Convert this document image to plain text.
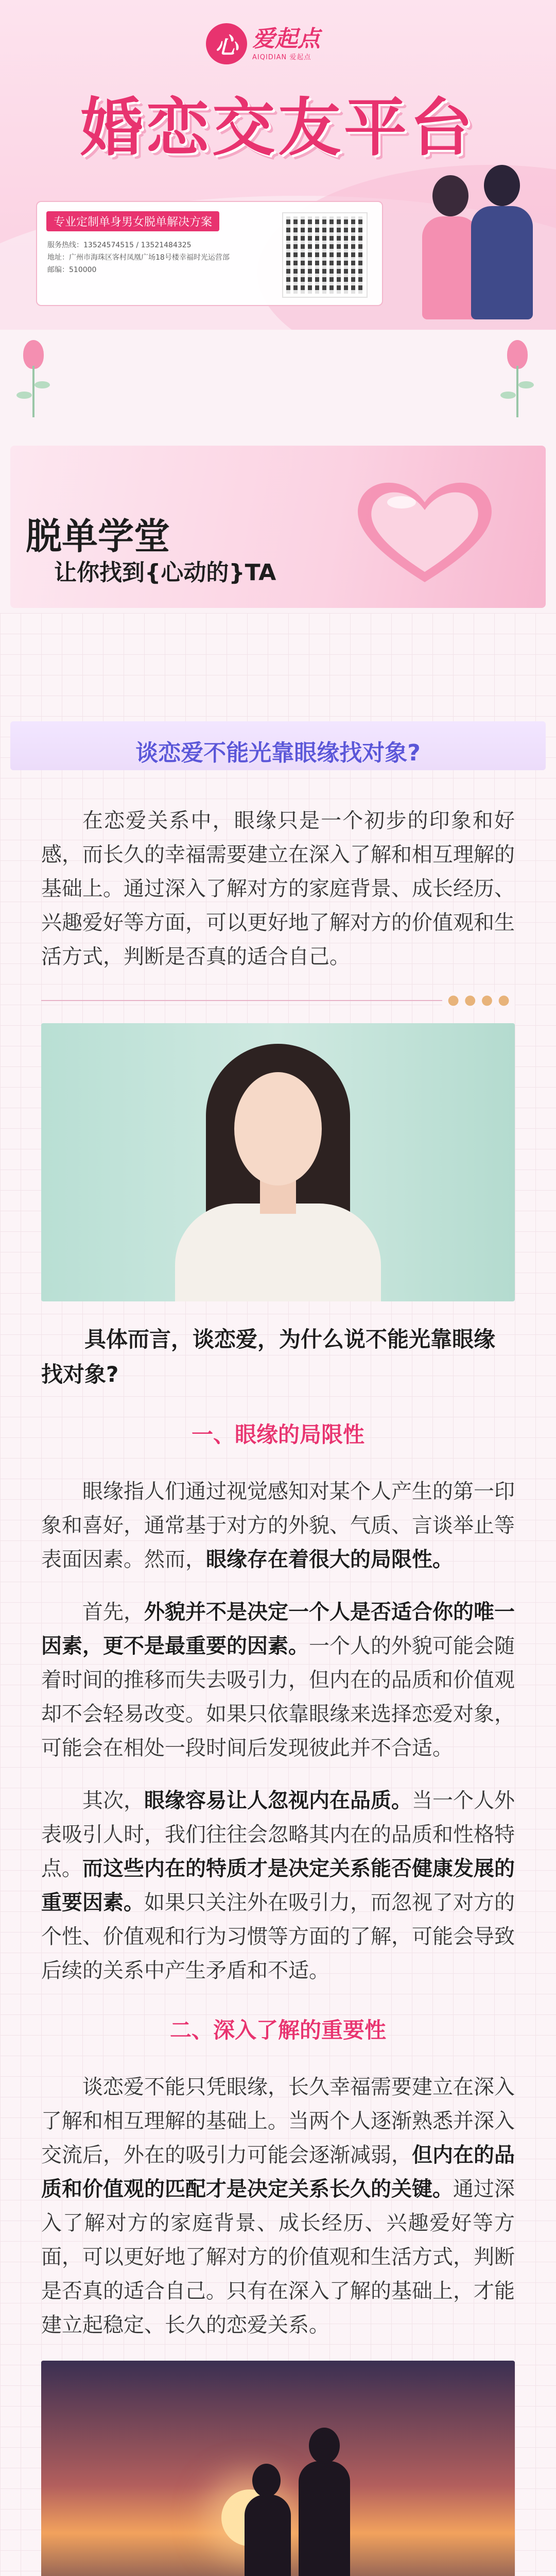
心 爱起点
AIQIDIAN 爱起点
婚恋交友平台
专业定制单身男女脱单解决方案
服务热线：13524574515 / 13521484325
地址：广州市海珠区客村凤凰广场18号楼幸福时光运营部
邮编：510000
脱单学堂
让你找到{心动的}TA
谈恋爱不能光靠眼缘找对象?

在恋爱关系中，眼缘只是一个初步的印象和好感，而长久的幸福需要建立在深入了解和相互理解的基础上。通过深入了解对方的家庭背景、成长经历、兴趣爱好等方面，可以更好地了解对方的价值观和生活方式，判断是否真的适合自己。

●●●●

具体而言，谈恋爱，为什么说不能光靠眼缘找对象?

一、眼缘的局限性

眼缘指人们通过视觉感知对某个人产生的第一印象和喜好，通常基于对方的外貌、气质、言谈举止等表面因素。然而，眼缘存在着很大的局限性。

首先，外貌并不是决定一个人是否适合你的唯一因素，更不是最重要的因素。一个人的外貌可能会随着时间的推移而失去吸引力，但内在的品质和价值观却不会轻易改变。如果只依靠眼缘来选择恋爱对象，可能会在相处一段时间后发现彼此并不合适。

其次，眼缘容易让人忽视内在品质。当一个人外表吸引人时，我们往往会忽略其内在的品质和性格特点。而这些内在的特质才是决定关系能否健康发展的重要因素。如果只关注外在吸引力，而忽视了对方的个性、价值观和行为习惯等方面的了解，可能会导致后续的关系中产生矛盾和不适。

二、深入了解的重要性

谈恋爱不能只凭眼缘，长久幸福需要建立在深入了解和相互理解的基础上。当两个人逐渐熟悉并深入交流后，外在的吸引力可能会逐渐减弱，但内在的品质和价值观的匹配才是决定关系长久的关键。通过深入了解对方的家庭背景、成长经历、兴趣爱好等方面，可以更好地了解对方的价值观和生活方式，判断是否真的适合自己。只有在深入了解的基础上，才能建立起稳定、长久的恋爱关系。
